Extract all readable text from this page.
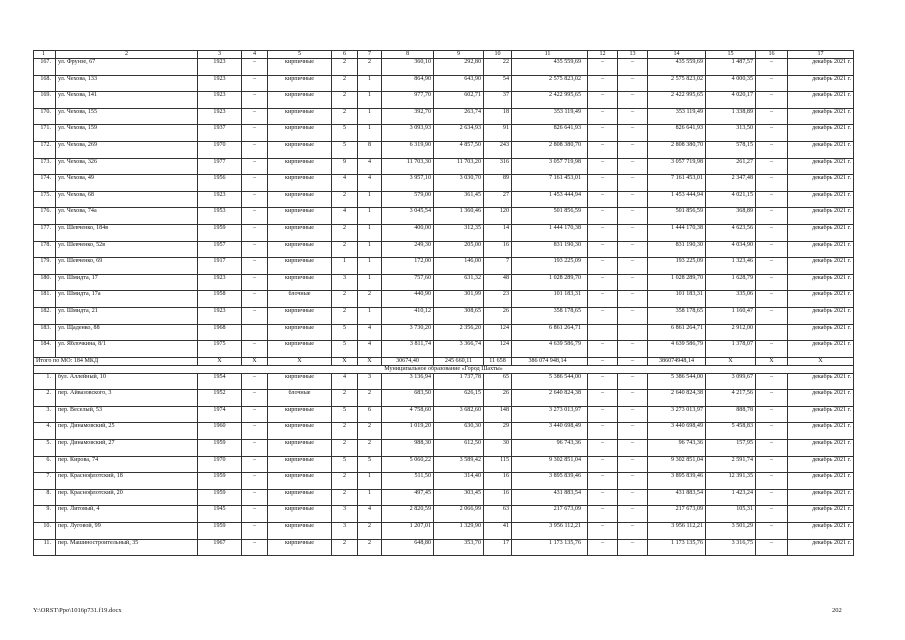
1	2	3	4	5	6	7	8	9	10	11	12	13	14	15	16	17
167.	ул. Фрунзе, 67	1923	–	кирпичные	2	2	360,10	292,80	22	435 559,69	–	–	435 559,69	1 487,57	–	декабрь 2021 г.
168.	ул. Чехова, 133	1923	–	кирпичные	2	1	864,90	643,90	54	2 575 823,02	–	–	2 575 823,02	4 000,35	–	декабрь 2021 г.
169.	ул. Чехова, 141	1923	–	кирпичные	2	1	977,70	602,71	37	2 422 995,65	–	–	2 422 995,65	4 020,17	–	декабрь 2021 г.
170.	ул. Чехова, 155	1923	–	кирпичные	2	1	392,70	263,74	18	353 119,49	–	–	353 119,49	1 338,89	–	декабрь 2021 г.
171.	ул. Чехова, 159	1937	–	кирпичные	5	1	3 093,93	2 634,93	91	826 641,93	–	–	826 641,93	313,50	–	декабрь 2021 г.
172.	ул. Чехова, 269	1970	–	кирпичные	5	8	6 319,90	4 857,50	243	2 808 380,70	–	–	2 808 380,70	578,15	–	декабрь 2021 г.
173.	ул. Чехова, 326	1977	–	кирпичные	9	4	11 703,30	11 703,20	316	3 057 719,98	–	–	3 057 719,98	261,27	–	декабрь 2021 г.
174.	ул. Чехова, 49	1956	–	кирпичные	4	4	3 957,10	3 030,70	89	7 161 453,01	–	–	7 161 453,01	2 347,48	–	декабрь 2021 г.
175.	ул. Чехова, 68	1923	–	кирпичные	2	1	579,00	361,45	27	1 453 444,94	–	–	1 453 444,94	4 021,15	–	декабрь 2021 г.
176.	ул. Чехова, 74а	1953	–	кирпичные	4	1	3 045,54	1 360,46	120	501 856,59	–	–	501 856,59	368,89	–	декабрь 2021 г.
177.	ул. Шевченко, 184в	1959	–	кирпичные	2	1	400,00	312,35	14	1 444 170,38	–	–	1 444 170,38	4 623,56	–	декабрь 2021 г.
178.	ул. Шевченко, 52в	1957	–	кирпичные	2	1	249,30	205,00	16	831 190,30	–	–	831 190,30	4 034,90	–	декабрь 2021 г.
179.	ул. Шевченко, 69	1917	–	кирпичные	1	1	172,00	146,00	7	193 225,09	–	–	193 225,09	1 323,46	–	декабрь 2021 г.
180.	ул. Шмидта, 17	1923	–	кирпичные	3	1	757,60	631,32	48	1 028 289,70	–	–	1 028 289,70	1 628,79	–	декабрь 2021 г.
181.	ул. Шмидта, 17а	1958	–	блочные	2	2	440,90	301,99	23	101 183,31	–	–	101 183,31	335,06	–	декабрь 2021 г.
182.	ул. Шмидта, 21	1923	–	кирпичные	2	1	410,12	308,65	26	358 178,65	–	–	358 178,65	1 160,47	–	декабрь 2021 г.
183.	ул. Щаденко, 88	1968		кирпичные	5	4	3 730,20	2 356,20	124	6 861 264,71			6 861 264,71	2 912,00		декабрь 2021 г.
184.	ул. Яблочкина, 8/1	1975	–	кирпичные	5	4	3 811,74	3 366,74	124	4 639 586,79	–	–	4 639 586,79	1 378,07	–	декабрь 2021 г.
Итого по МО: 184 МКД		X	X	X	X	X	30674,40	245 660,11	11 658	386 074 948,14	–	–	386074948,14	X	X	X
Муниципальное образование «Город Шахты»																
1.	бул. Аллейный, 10	1954	–	кирпичные	4	3	3 136,94	1 737,78	65	5 386 544,00	–	–	5 386 544,00	3 099,67	–	декабрь 2021 г.
2.	пер. Айвазовского, 3	1952	–	блочные	2	2	683,50	626,15	26	2 640 824,38	–	–	2 640 824,38	4 217,56	–	декабрь 2021 г.
3.	пер. Веселый, 53	1974	–	кирпичные	5	6	4 758,60	3 682,60	148	3 273 013,97	–	–	3 273 013,97	888,78	–	декабрь 2021 г.
4.	пер. Динамовский, 25	1960	–	кирпичные	2	2	1 019,20	630,30	29	3 440 698,49	–	–	3 440 698,49	5 458,83	–	декабрь 2021 г.
5.	пер. Динамовский, 27	1959	–	кирпичные	2	2	988,30	612,50	30	96 743,36	–	–	96 743,36	157,95	–	декабрь 2021 г.
6.	пер. Кирова, 74	1970	–	кирпичные	5	5	5 060,22	3 589,42	115	9 302 851,04	–	–	9 302 851,04	2 591,74	–	декабрь 2021 г.
7.	пер. Краснофлотский, 18	1959	–	кирпичные	2	1	511,50	314,40	16	3 895 839,46	–	–	3 895 839,46	12 391,35	–	декабрь 2021 г.
8.	пер. Краснофлотский, 20	1959	–	кирпичные	2	1	497,45	303,45	16	431 883,54	–	–	431 883,54	1 423,24	–	декабрь 2021 г.
9.	пер. Литовый, 4	1945	–	кирпичные	3	4	2 820,59	2 066,99	63	217 673,09	–	–	217 673,09	105,31	–	декабрь 2021 г.
10.	пер. Луговой, 99	1959	–	кирпичные	3	2	1 207,01	1 329,90	41	3 956 112,21	–	–	3 956 112,21	3 501,29	–	декабрь 2021 г.
11.	пер. Машиностроительный, 35	1967	–	кирпичные	2	2	648,80	353,70	17	1 173 135,76	–	–	1 173 135,76	3 316,75	–	декабрь 2021 г.
Y:\ORST\Ppo\1016p731.f19.docx	202
